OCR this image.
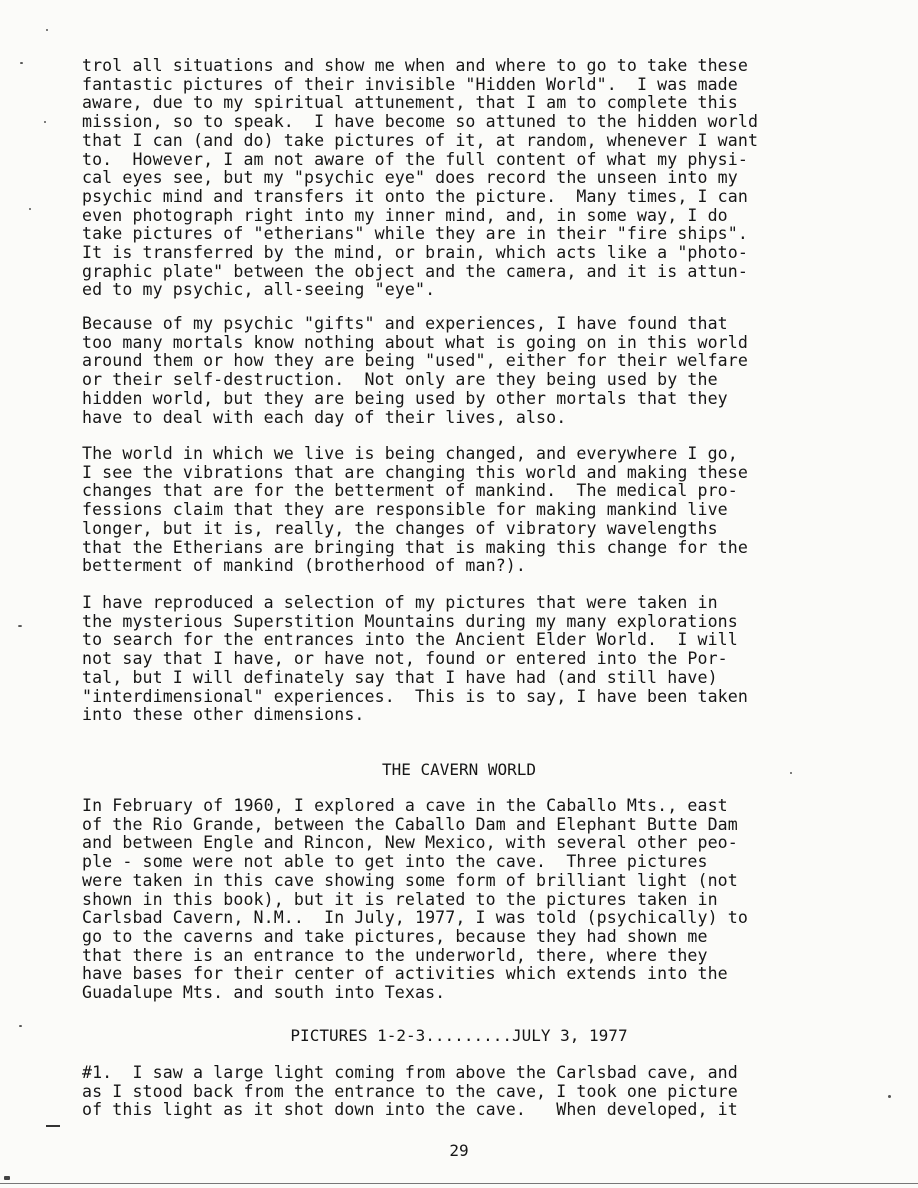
trol all situations and show me when and where to go to take these
fantastic pictures of their invisible "Hidden World".  I was made
aware, due to my spiritual attunement, that I am to complete this
mission, so to speak.  I have become so attuned to the hidden world
that I can (and do) take pictures of it, at random, whenever I want
to.  However, I am not aware of the full content of what my physi-
cal eyes see, but my "psychic eye" does record the unseen into my
psychic mind and transfers it onto the picture.  Many times, I can
even photograph right into my inner mind, and, in some way, I do
take pictures of "etherians" while they are in their "fire ships".
It is transferred by the mind, or brain, which acts like a "photo-
graphic plate" between the object and the camera, and it is attun-
ed to my psychic, all-seeing "eye".

Because of my psychic "gifts" and experiences, I have found that
too many mortals know nothing about what is going on in this world
around them or how they are being "used", either for their welfare
or their self-destruction.  Not only are they being used by the
hidden world, but they are being used by other mortals that they
have to deal with each day of their lives, also.

The world in which we live is being changed, and everywhere I go,
I see the vibrations that are changing this world and making these
changes that are for the betterment of mankind.  The medical pro-
fessions claim that they are responsible for making mankind live
longer, but it is, really, the changes of vibratory wavelengths
that the Etherians are bringing that is making this change for the
betterment of mankind (brotherhood of man?).

I have reproduced a selection of my pictures that were taken in
the mysterious Superstition Mountains during my many explorations
to search for the entrances into the Ancient Elder World.  I will
not say that I have, or have not, found or entered into the Por-
tal, but I will definately say that I have had (and still have)
"interdimensional" experiences.  This is to say, I have been taken
into these other dimensions.

THE CAVERN WORLD

In February of 1960, I explored a cave in the Caballo Mts., east
of the Rio Grande, between the Caballo Dam and Elephant Butte Dam
and between Engle and Rincon, New Mexico, with several other peo-
ple - some were not able to get into the cave.  Three pictures
were taken in this cave showing some form of brilliant light (not
shown in this book), but it is related to the pictures taken in
Carlsbad Cavern, N.M..  In July, 1977, I was told (psychically) to
go to the caverns and take pictures, because they had shown me
that there is an entrance to the underworld, there, where they
have bases for their center of activities which extends into the
Guadalupe Mts. and south into Texas.

PICTURES 1-2-3.........JULY 3, 1977

#1.  I saw a large light coming from above the Carlsbad cave, and
as I stood back from the entrance to the cave, I took one picture
of this light as it shot down into the cave.   When developed, it

29
